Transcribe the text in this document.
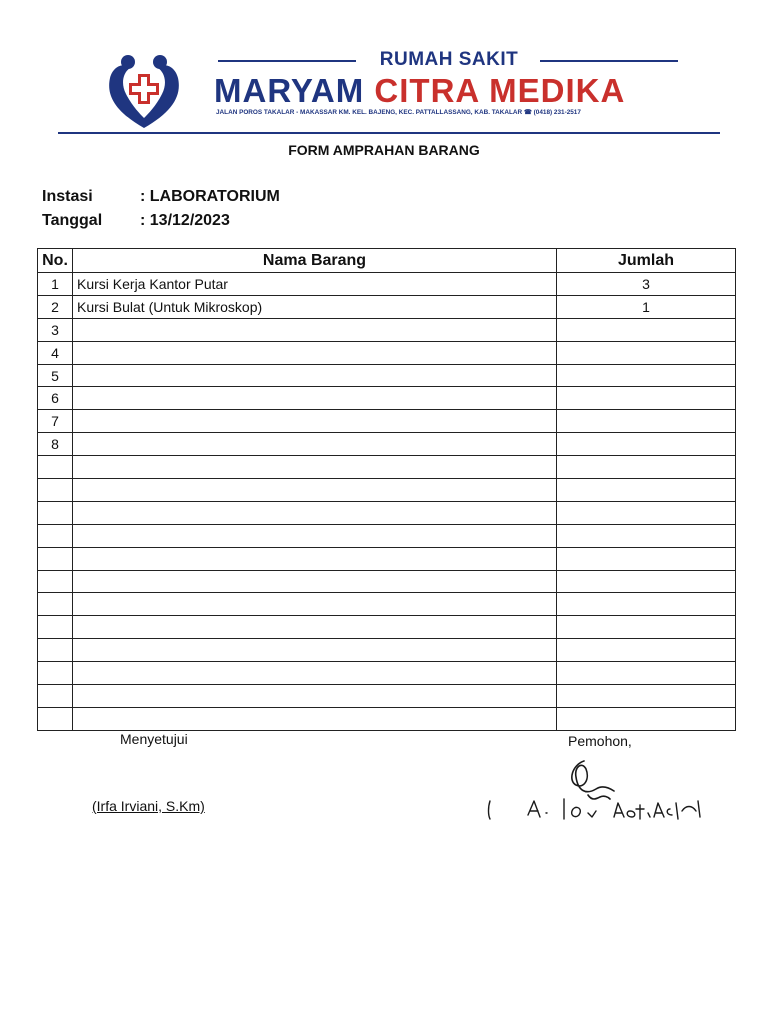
RUMAH SAKIT
MARYAM CITRA MEDIKA
JALAN POROS TAKALAR - MAKASSAR KM. KEL. BAJENG, KEC. PATTALLASSANG, KAB. TAKALAR ☎ (0418) 231-2517
FORM AMPRAHAN BARANG
Instasi	: LABORATORIUM
Tanggal : 13/12/2023
No.	Nama Barang	Jumlah
1	Kursi Kerja Kantor Putar	3
2	Kursi Bulat (Untuk Mikroskop)	1
3		
4		
5		
6		
7		
8		

Menyetujui
(Irfa Irviani, S.Km)
Pemohon,
